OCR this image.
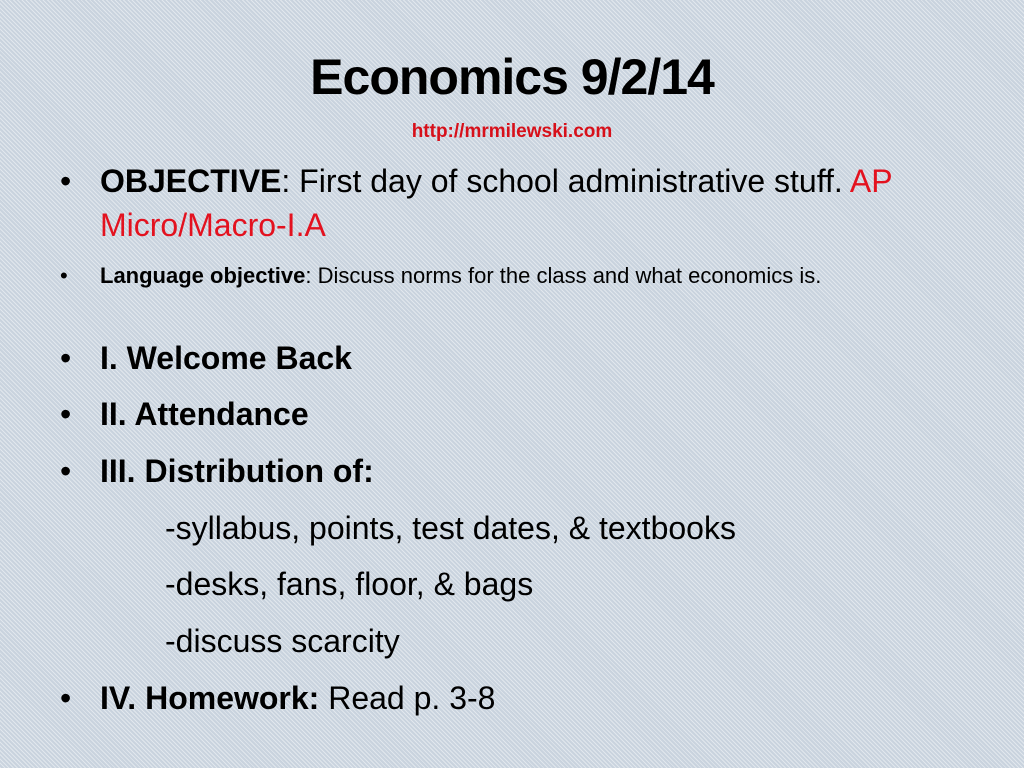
Economics 9/2/14
http://mrmilewski.com
• OBJECTIVE: First day of school administrative stuff. AP Micro/Macro-I.A
• Language objective: Discuss norms for the class and what economics is.
• I. Welcome Back
• II. Attendance
• III. Distribution of:
-syllabus, points, test dates, & textbooks
-desks, fans, floor, & bags
-discuss scarcity
• IV. Homework: Read p. 3-8
